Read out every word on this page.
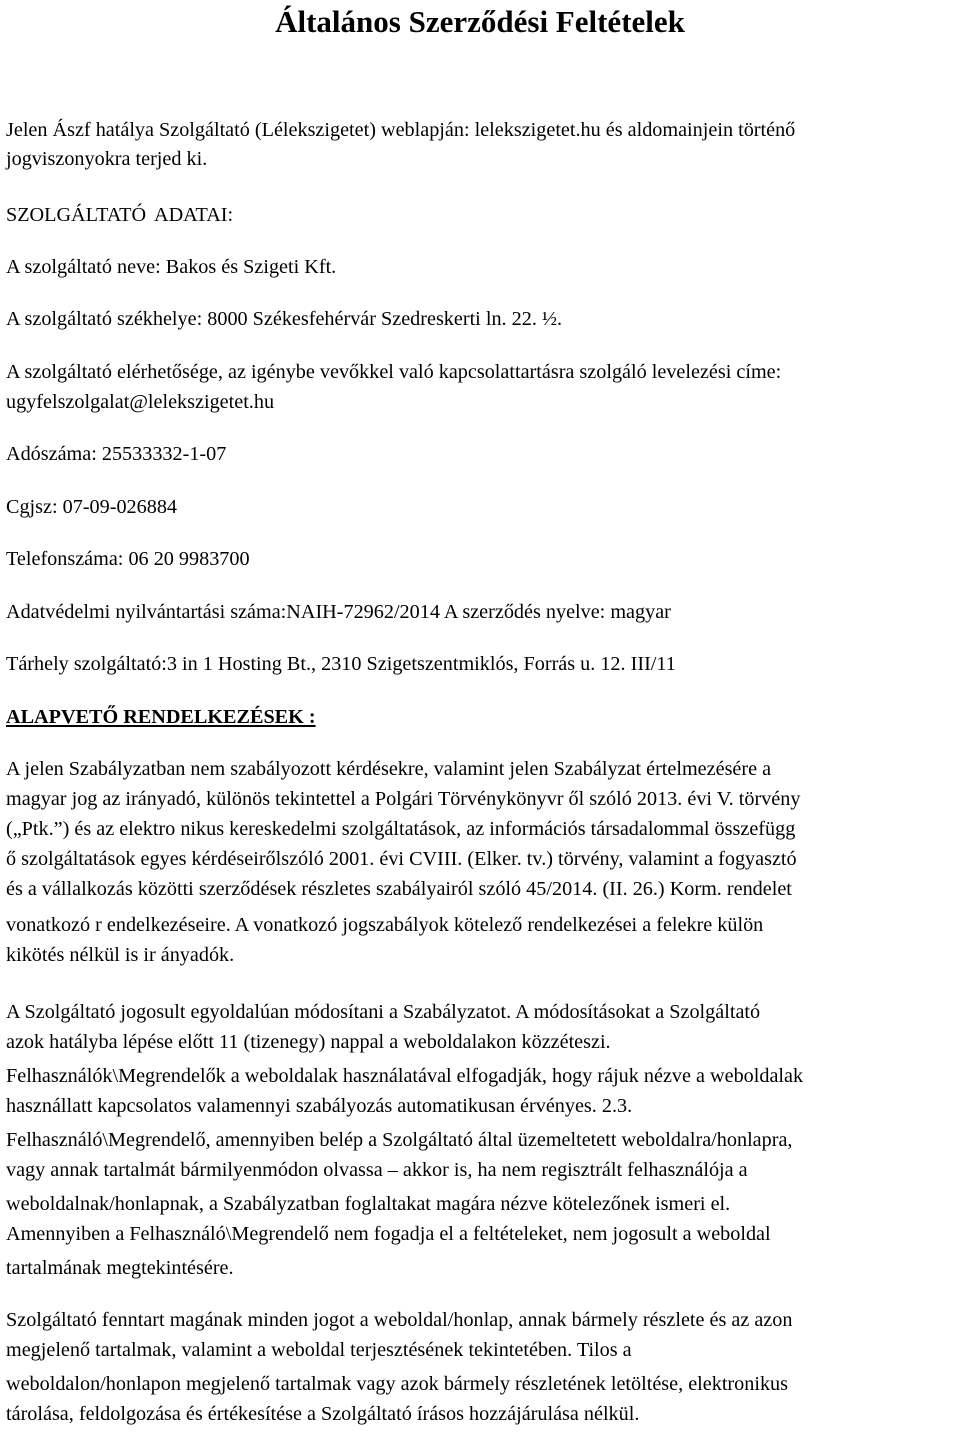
Általános Szerződési Feltételek
Jelen Ászf hatálya Szolgáltató (Lélekszigetet) weblapján: lelekszigetet.hu és aldomainjein történő
jogviszonyokra terjed ki.
SZOLGÁLTATÓ ADATAI:
A szolgáltató neve: Bakos és Szigeti Kft.
A szolgáltató székhelye: 8000 Székesfehérvár Szedreskerti ln. 22. ½.
A szolgáltató elérhetősége, az igénybe vevőkkel való kapcsolattartásra szolgáló levelezési címe:
ugyfelszolgalat@lelekszigetet.hu
Adószáma: 25533332-1-07
Cgjsz: 07-09-026884
Telefonszáma: 06 20 9983700
Adatvédelmi nyilvántartási száma:NAIH-72962/2014 A szerződés nyelve: magyar
Tárhely szolgáltató:3 in 1 Hosting Bt., 2310 Szigetszentmiklós, Forrás u. 12. III/11
ALAPVETŐ RENDELKEZÉSEK :
A jelen Szabályzatban nem szabályozott kérdésekre, valamint jelen Szabályzat értelmezésére a
magyar jog az irányadó, különös tekintettel a Polgári Törvénykönyvr ől szóló 2013. évi V. törvény
(„Ptk.”) és az elektro nikus kereskedelmi szolgáltatások, az információs társadalommal összefügg
ő szolgáltatások egyes kérdéseirőlszóló 2001. évi CVIII. (Elker. tv.) törvény, valamint a fogyasztó
és a vállalkozás közötti szerződések részletes szabályairól szóló 45/2014. (II. 26.) Korm. rendelet
vonatkozó r endelkezéseire. A vonatkozó jogszabályok kötelező rendelkezései a felekre külön
kikötés nélkül is ir ányadók.
A Szolgáltató jogosult egyoldalúan módosítani a Szabályzatot. A módosításokat a Szolgáltató
azok hatályba lépése előtt 11 (tizenegy) nappal a weboldalakon közzéteszi.
Felhasználók\Megrendelők a weboldalak használatával elfogadják, hogy rájuk nézve a weboldalak
használlatt kapcsolatos valamennyi szabályozás automatikusan érvényes. 2.3.
Felhasználó\Megrendelő, amennyiben belép a Szolgáltató által üzemeltetett weboldalra/honlapra,
vagy annak tartalmát bármilyenmódon olvassa – akkor is, ha nem regisztrált felhasználója a
weboldalnak/honlapnak, a Szabályzatban foglaltakat magára nézve kötelezőnek ismeri el.
Amennyiben a Felhasználó\Megrendelő nem fogadja el a feltételeket, nem jogosult a weboldal
tartalmának megtekintésére.
Szolgáltató fenntart magának minden jogot a weboldal/honlap, annak bármely részlete és az azon
megjelenő tartalmak, valamint a weboldal terjesztésének tekintetében. Tilos a
weboldalon/honlapon megjelenő tartalmak vagy azok bármely részletének letöltése, elektronikus
tárolása, feldolgozása és értékesítése a Szolgáltató írásos hozzájárulása nélkül.
